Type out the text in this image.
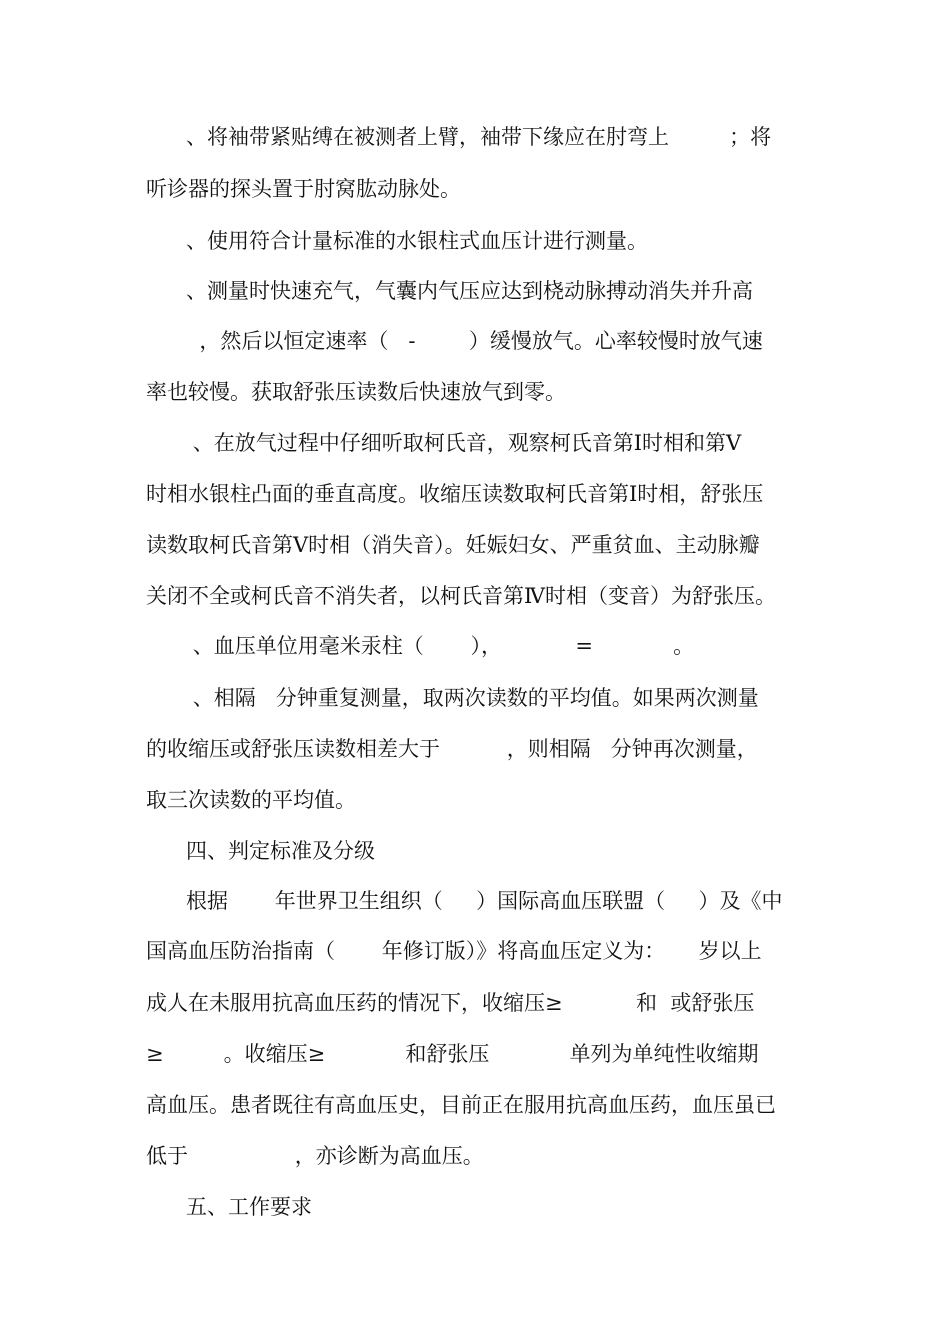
、将袖带紧贴缚在被测者上臂，袖带下缘应在肘弯上         ；将
听诊器的探头置于肘窝肱动脉处。
、使用符合计量标准的水银柱式血压计进行测量。
、测量时快速充气，气囊内气压应达到桡动脉搏动消失并升高
，然后以恒定速率（   -        ）缓慢放气。心率较慢时放气速
率也较慢。获取舒张压读数后快速放气到零。
、在放气过程中仔细听取柯氏音，观察柯氏音第Ⅰ时相和第Ⅴ
时相水银柱凸面的垂直高度。收缩压读数取柯氏音第Ⅰ时相，舒张压
读数取柯氏音第Ⅴ时相（消失音）。妊娠妇女、严重贫血、主动脉瓣
关闭不全或柯氏音不消失者，以柯氏音第Ⅳ时相（变音）为舒张压。
、血压单位用毫米汞柱（       ），           =            。
、相隔   分钟重复测量，取两次读数的平均值。如果两次测量
的收缩压或舒张压读数相差大于          ，则相隔   分钟再次测量，
取三次读数的平均值。
四、判定标准及分级
根据       年世界卫生组织（     ）国际高血压联盟（     ）及《中
国高血压防治指南（       年修订版）》将高血压定义为：     岁以上
成人在未服用抗高血压药的情况下，收缩压≥           和  或舒张压
≥         。收缩压≥            和舒张压            单列为单纯性收缩期
高血压。患者既往有高血压史，目前正在服用抗高血压药，血压虽已
低于                ，亦诊断为高血压。
五、工作要求
